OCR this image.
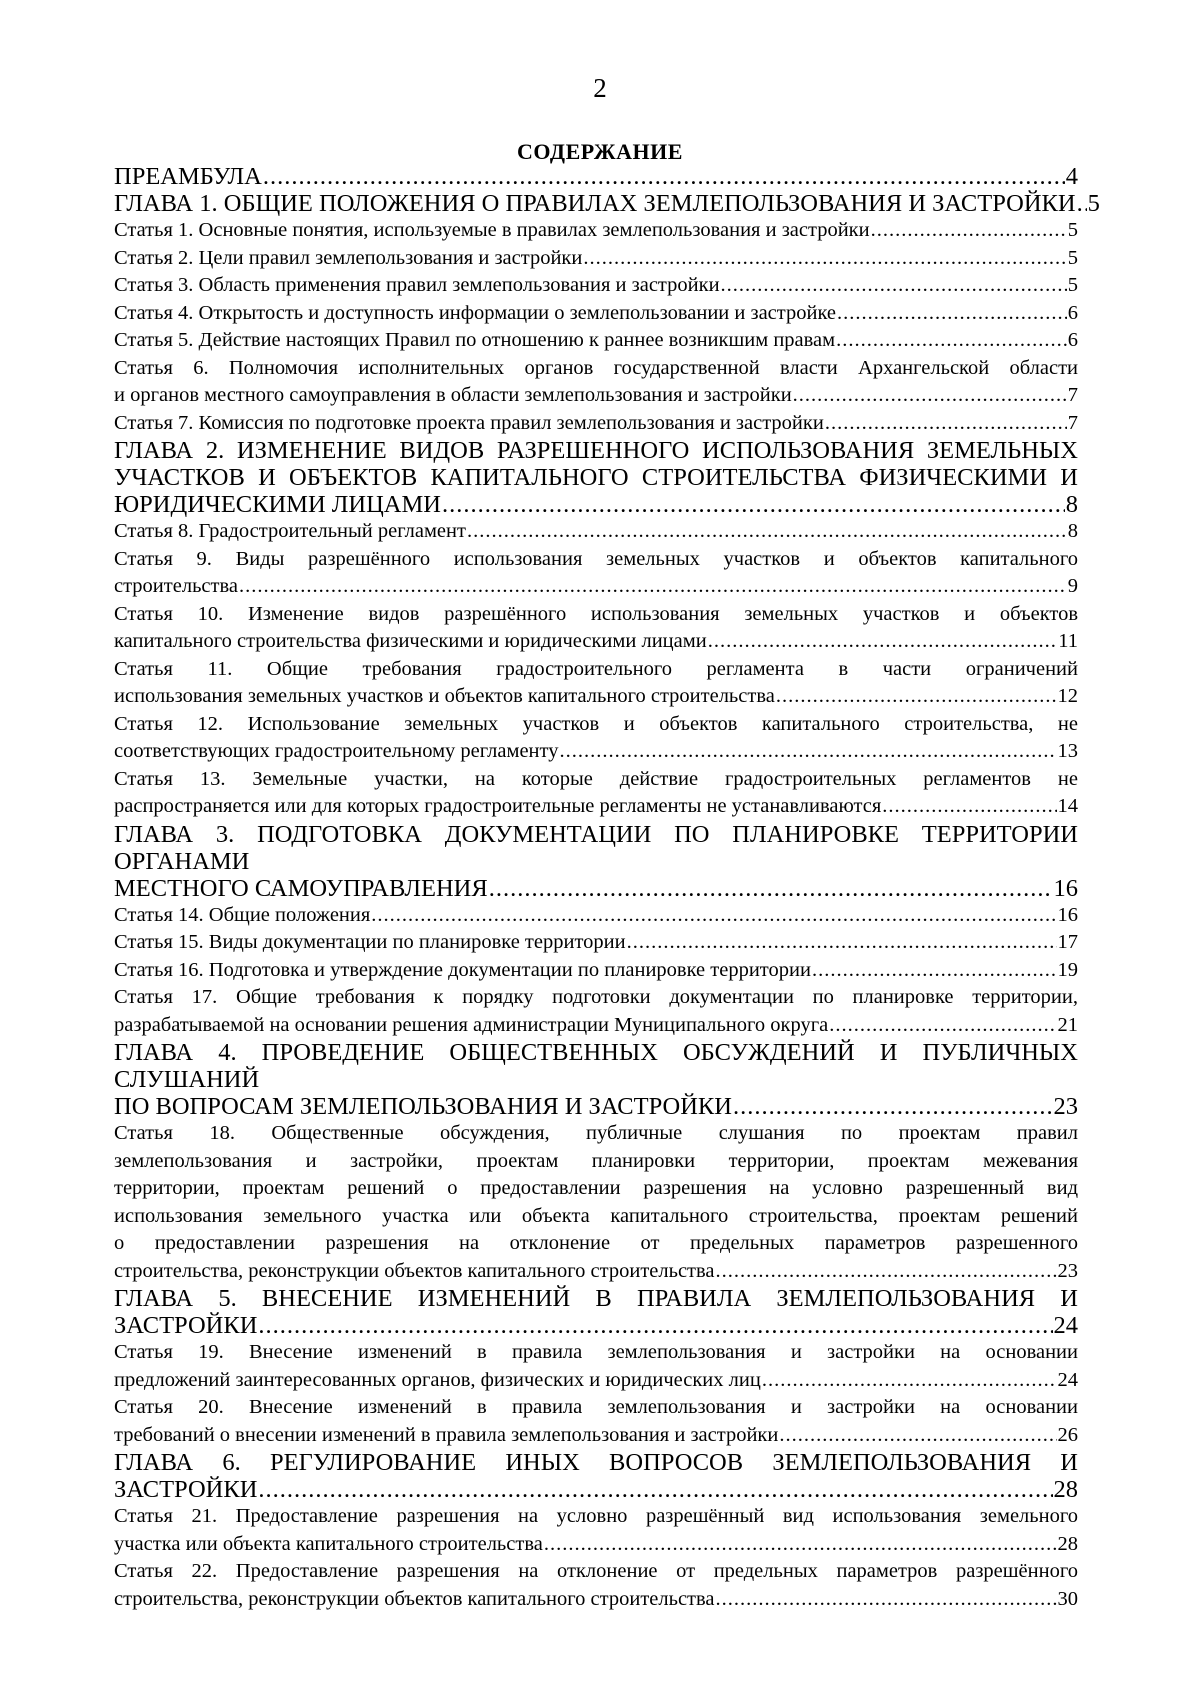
2
СОДЕРЖАНИЕ
ПРЕАМБУЛА .....	4
ГЛАВА 1. ОБЩИЕ ПОЛОЖЕНИЯ О ПРАВИЛАХ ЗЕМЛЕПОЛЬЗОВАНИЯ И ЗАСТРОЙКИ ..... 5
Статья 1. Основные понятия, используемые в правилах землепользования и застройки .....	5
Статья 2. Цели правил землепользования и застройки .....	5
Статья 3. Область применения правил землепользования и застройки .....	5
Статья 4. Открытость и доступность информации о землепользовании и застройке .....	6
Статья 5. Действие настоящих Правил по отношению к раннее возникшим правам .....	6
Статья 6. Полномочия исполнительных органов государственной власти Архангельской области
и органов местного самоуправления в области землепользования и застройки .....	7
Статья 7. Комиссия по подготовке проекта правил землепользования и застройки .....	7
ГЛАВА 2. ИЗМЕНЕНИЕ ВИДОВ РАЗРЕШЕННОГО ИСПОЛЬЗОВАНИЯ ЗЕМЕЛЬНЫХ
УЧАСТКОВ И ОБЪЕКТОВ КАПИТАЛЬНОГО СТРОИТЕЛЬСТВА ФИЗИЧЕСКИМИ И
ЮРИДИЧЕСКИМИ ЛИЦАМИ .....	8
Статья 8. Градостроительный регламент .....	8
Статья 9. Виды разрешённого использования земельных участков и объектов капитального
строительства .....	9
Статья 10. Изменение видов разрешённого использования земельных участков и объектов
капитального строительства физическими и юридическими лицами .....	11
Статья 11. Общие требования градостроительного регламента в части ограничений
использования земельных участков и объектов капитального строительства .....	12
Статья 12. Использование земельных участков и объектов капитального строительства, не
соответствующих градостроительному регламенту .....	13
Статья 13. Земельные участки, на которые действие градостроительных регламентов не
распространяется или для которых градостроительные регламенты не устанавливаются .....	14
ГЛАВА 3. ПОДГОТОВКА ДОКУМЕНТАЦИИ ПО ПЛАНИРОВКЕ ТЕРРИТОРИИ ОРГАНАМИ
МЕСТНОГО САМОУПРАВЛЕНИЯ .....	16
Статья 14. Общие положения .....	16
Статья 15. Виды документации по планировке территории .....	17
Статья 16. Подготовка и утверждение документации по планировке территории .....	19
Статья 17. Общие требования к порядку подготовки документации по планировке территории,
разрабатываемой на основании решения администрации Муниципального округа .....	21
ГЛАВА 4. ПРОВЕДЕНИЕ ОБЩЕСТВЕННЫХ ОБСУЖДЕНИЙ И ПУБЛИЧНЫХ СЛУШАНИЙ
ПО ВОПРОСАМ ЗЕМЛЕПОЛЬЗОВАНИЯ И ЗАСТРОЙКИ .....	23
Статья 18. Общественные обсуждения, публичные слушания по проектам правил
землепользования и застройки, проектам планировки территории, проектам межевания
территории, проектам решений о предоставлении разрешения на условно разрешенный вид
использования земельного участка или объекта капитального строительства, проектам решений
о предоставлении разрешения на отклонение от предельных параметров разрешенного
строительства, реконструкции объектов капитального строительства .....	23
ГЛАВА 5. ВНЕСЕНИЕ ИЗМЕНЕНИЙ В ПРАВИЛА ЗЕМЛЕПОЛЬЗОВАНИЯ И
ЗАСТРОЙКИ .....	24
Статья 19. Внесение изменений в правила землепользования и застройки на основании
предложений заинтересованных органов, физических и юридических лиц .....	24
Статья 20. Внесение изменений в правила землепользования и застройки на основании
требований о внесении изменений в правила землепользования и застройки .....	26
ГЛАВА 6. РЕГУЛИРОВАНИЕ ИНЫХ ВОПРОСОВ ЗЕМЛЕПОЛЬЗОВАНИЯ И
ЗАСТРОЙКИ .....	28
Статья 21. Предоставление разрешения на условно разрешённый вид использования земельного
участка или объекта капитального строительства .....	28
Статья 22. Предоставление разрешения на отклонение от предельных параметров разрешённого
строительства, реконструкции объектов капитального строительства .....	30
